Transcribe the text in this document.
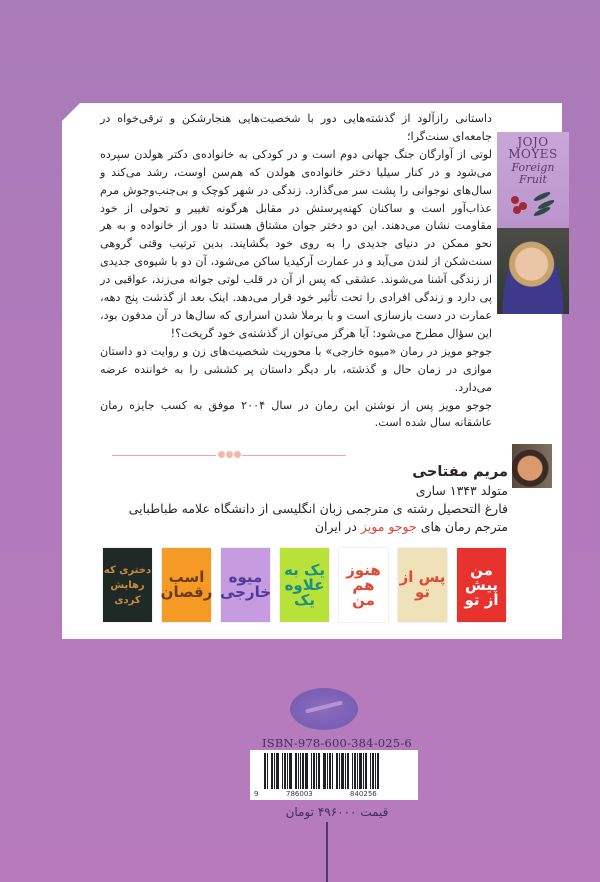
داستانی رازآلود از گذشته‌هایی دور با شخصیت‌هایی هنجارشکن و ترقی‌خواه در جامعه‌ای سنت‌گرا؛

لوتی از آوارگان جنگ جهانی دوم است و در کودکی به خانواده‌ی دکتر هولدن سپرده می‌شود و در کنار سیلیا دختر خانواده‌ی هولدن که هم‌سن اوست، رشد می‌کند و سال‌های نوجوانی را پشت سر می‌گذارد. زندگی در شهر کوچک و بی‌جنب‌وجوش مرم عذاب‌آور است و ساکنان کهنه‌پرستش در مقابل هرگونه تغییر و تحولی از خود مقاومت نشان می‌دهند. این دو دختر جوان مشتاق هستند تا دور از خانواده و به هر نحو ممکن در دنیای جدیدی را به روی خود بگشایند. بدین ترتیب وقتی گروهی سنت‌شکن از لندن می‌آید و در عمارت آرکیدیا ساکن می‌شود، آن دو با شیوه‌ی جدیدی از زندگی آشنا می‌شوند. عشقی که پس از آن در قلب لوتی جوانه می‌زند، عواقبی در پی دارد و زندگی افرادی را تحت تأثیر خود قرار می‌دهد. اینک بعد از گذشت پنج دهه، عمارت در دست بازسازی است و با برملا شدن اسراری که سال‌ها در آن مدفون بود، این سؤال مطرح می‌شود: آیا هرگز می‌توان از گذشته‌ی خود گریخت؟!

جوجو مویز در رمان «میوه خارجی» با محوریت شخصیت‌های زن و روایت دو داستان موازی در زمان حال و گذشته، بار دیگر داستان پر کششی را به خواننده عرضه می‌دارد.

جوجو مویز پس از نوشتن این رمان در سال ۲۰۰۴ موفق به کسب جایزه رمان عاشقانه سال شده است.

JOJO MOYES
Foreign Fruit
مریم مفتاحی
متولد ۱۳۴۳ ساری
فارغ التحصیل رشته ی مترجمی زبان انگلیسی از دانشگاه علامه طباطبایی
مترجم رمان های جوجو مویز در ایران
من پیش از تو
پس از تو
هنوز هم من
یک به علاوه یک
میوه خارجی
اسب رقصان
دختری که رهایش کردی
ISBN-978-600-384-025-6
9	786003	840256
قیمت ۴۹۶۰۰۰ تومان
